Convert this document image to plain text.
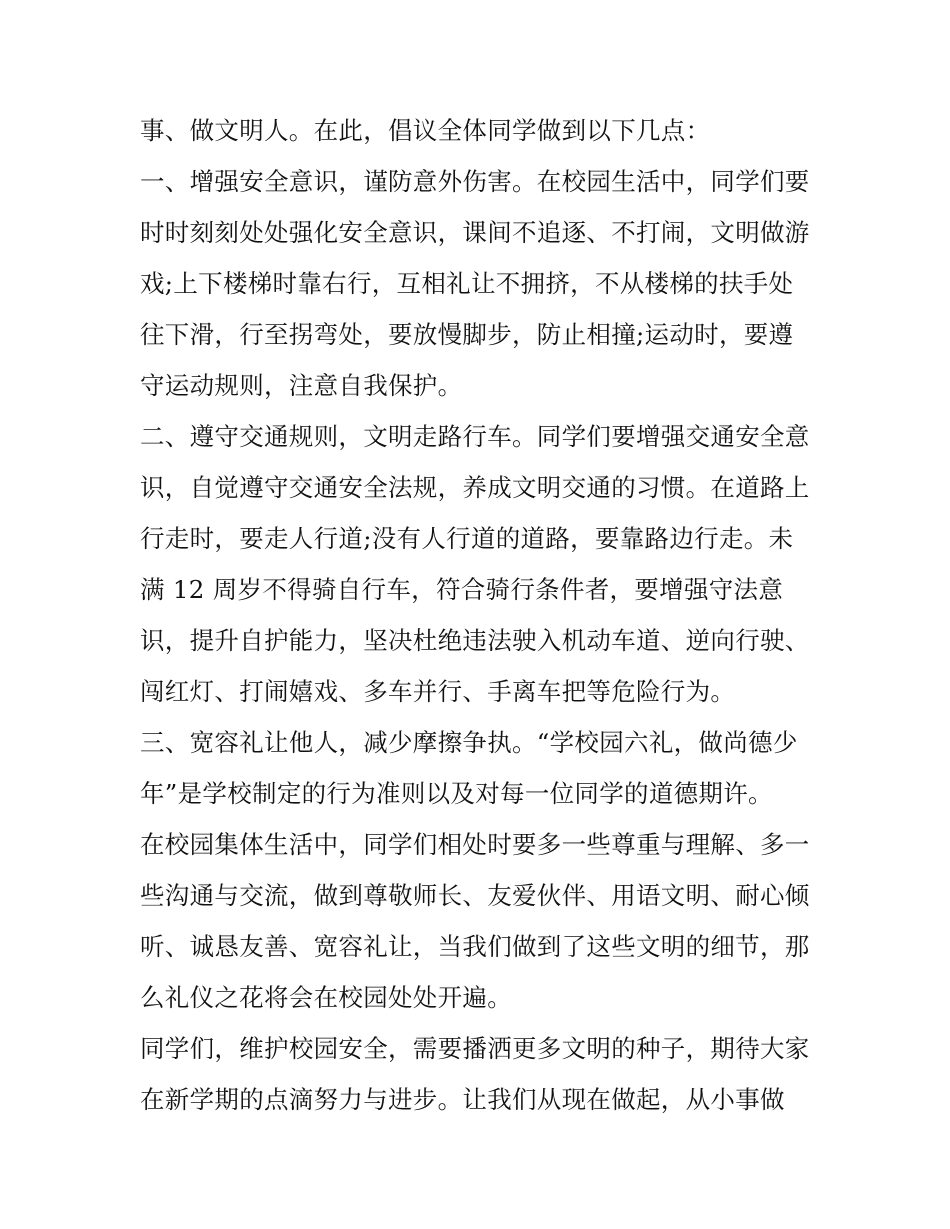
事、做文明人。在此，倡议全体同学做到以下几点：
一、增强安全意识，谨防意外伤害。在校园生活中，同学们要
时时刻刻处处强化安全意识，课间不追逐、不打闹，文明做游
戏;上下楼梯时靠右行，互相礼让不拥挤，不从楼梯的扶手处
往下滑，行至拐弯处，要放慢脚步，防止相撞;运动时，要遵
守运动规则，注意自我保护。
二、遵守交通规则，文明走路行车。同学们要增强交通安全意
识，自觉遵守交通安全法规，养成文明交通的习惯。在道路上
行走时，要走人行道;没有人行道的道路，要靠路边行走。未
满 12 周岁不得骑自行车，符合骑行条件者，要增强守法意
识，提升自护能力，坚决杜绝违法驶入机动车道、逆向行驶、
闯红灯、打闹嬉戏、多车并行、手离车把等危险行为。
三、宽容礼让他人，减少摩擦争执。“学校园六礼，做尚德少
年”是学校制定的行为准则以及对每一位同学的道德期许。
在校园集体生活中，同学们相处时要多一些尊重与理解、多一
些沟通与交流，做到尊敬师长、友爱伙伴、用语文明、耐心倾
听、诚恳友善、宽容礼让，当我们做到了这些文明的细节，那
么礼仪之花将会在校园处处开遍。
同学们，维护校园安全，需要播洒更多文明的种子，期待大家
在新学期的点滴努力与进步。让我们从现在做起，从小事做
